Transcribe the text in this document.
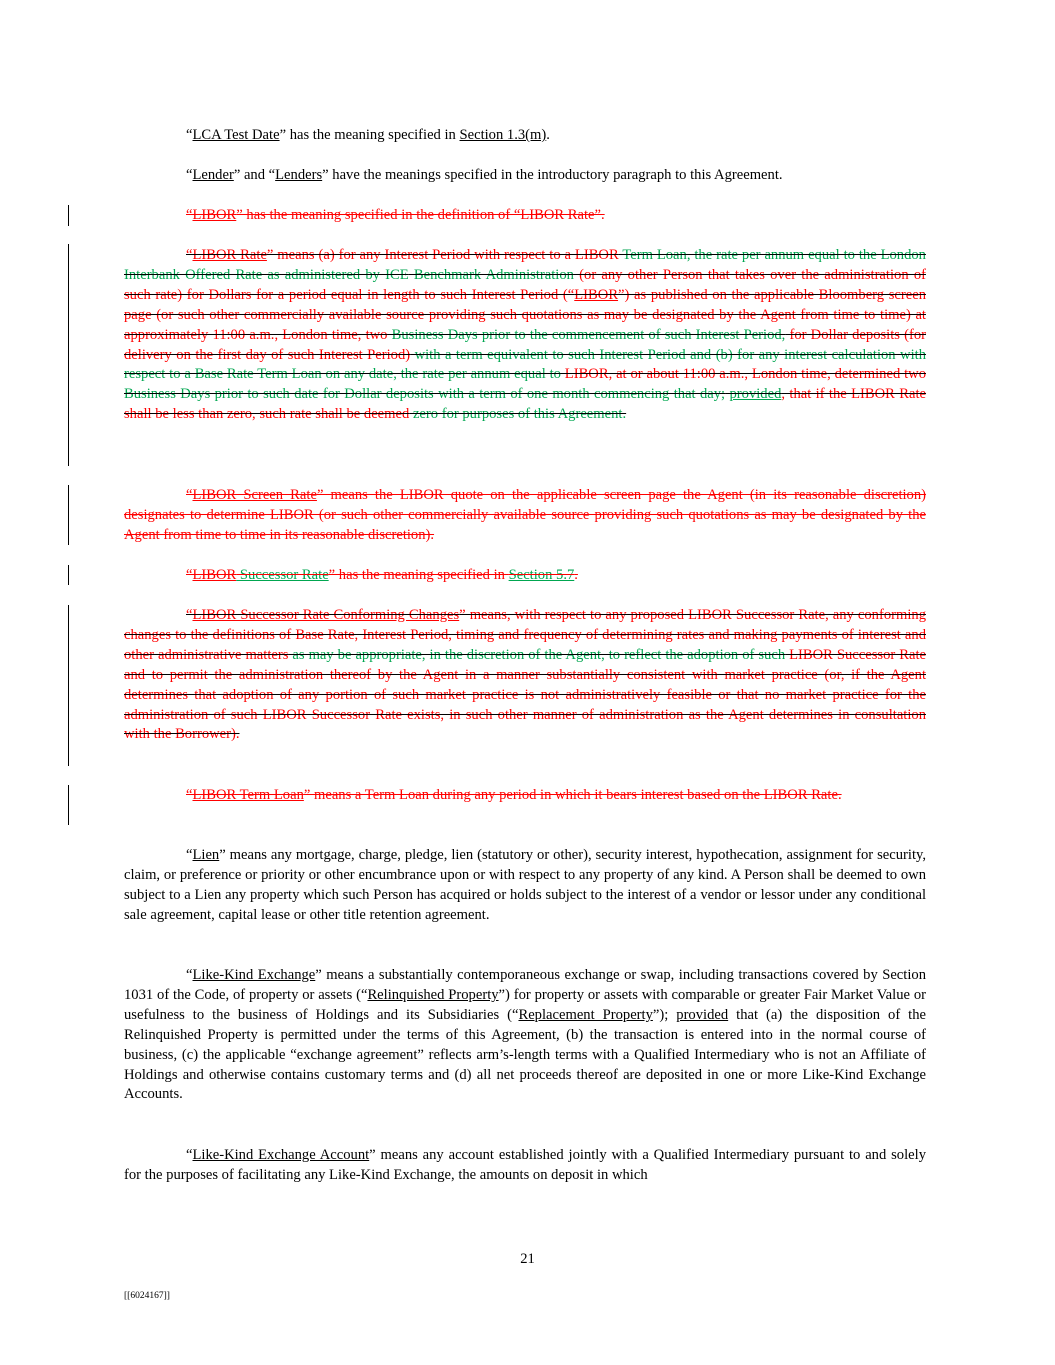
“LCA Test Date” has the meaning specified in Section 1.3(m).

“Lender” and “Lenders” have the meanings specified in the introductory paragraph to this Agreement.

“LIBOR” has the meaning specified in the definition of “LIBOR Rate”.

“LIBOR Rate” means (a) for any Interest Period with respect to a LIBOR Term Loan, the rate per annum equal to the London Interbank Offered Rate as administered by ICE Benchmark Administration (or any other Person that takes over the administration of such rate) for Dollars for a period equal in length to such Interest Period (“LIBOR”) as published on the applicable Bloomberg screen page (or such other commercially available source providing such quotations as may be designated by the Agent from time to time) at approximately 11:00 a.m., London time, two Business Days prior to the commencement of such Interest Period, for Dollar deposits (for delivery on the first day of such Interest Period) with a term equivalent to such Interest Period and (b) for any interest calculation with respect to a Base Rate Term Loan on any date, the rate per annum equal to LIBOR, at or about 11:00 a.m., London time, determined two Business Days prior to such date for Dollar deposits with a term of one month commencing that day; provided, that if the LIBOR Rate shall be less than zero, such rate shall be deemed zero for purposes of this Agreement.

“LIBOR Screen Rate” means the LIBOR quote on the applicable screen page the Agent (in its reasonable discretion) designates to determine LIBOR (or such other commercially available source providing such quotations as may be designated by the Agent from time to time in its reasonable discretion).

“LIBOR Successor Rate” has the meaning specified in Section 5.7.

“LIBOR Successor Rate Conforming Changes” means, with respect to any proposed LIBOR Successor Rate, any conforming changes to the definitions of Base Rate, Interest Period, timing and frequency of determining rates and making payments of interest and other administrative matters as may be appropriate, in the discretion of the Agent, to reflect the adoption of such LIBOR Successor Rate and to permit the administration thereof by the Agent in a manner substantially consistent with market practice (or, if the Agent determines that adoption of any portion of such market practice is not administratively feasible or that no market practice for the administration of such LIBOR Successor Rate exists, in such other manner of administration as the Agent determines in consultation with the Borrower).

“LIBOR Term Loan” means a Term Loan during any period in which it bears interest based on the LIBOR Rate.

“Lien” means any mortgage, charge, pledge, lien (statutory or other), security interest, hypothecation, assignment for security, claim, or preference or priority or other encumbrance upon or with respect to any property of any kind. A Person shall be deemed to own subject to a Lien any property which such Person has acquired or holds subject to the interest of a vendor or lessor under any conditional sale agreement, capital lease or other title retention agreement.

“Like-Kind Exchange” means a substantially contemporaneous exchange or swap, including transactions covered by Section 1031 of the Code, of property or assets (“Relinquished Property”) for property or assets with comparable or greater Fair Market Value or usefulness to the business of Holdings and its Subsidiaries (“Replacement Property”); provided that (a) the disposition of the Relinquished Property is permitted under the terms of this Agreement, (b) the transaction is entered into in the normal course of business, (c) the applicable “exchange agreement” reflects arm’s-length terms with a Qualified Intermediary who is not an Affiliate of Holdings and otherwise contains customary terms and (d) all net proceeds thereof are deposited in one or more Like-Kind Exchange Accounts.

“Like-Kind Exchange Account” means any account established jointly with a Qualified Intermediary pursuant to and solely for the purposes of facilitating any Like-Kind Exchange, the amounts on deposit in which

21
[[6024167]]
